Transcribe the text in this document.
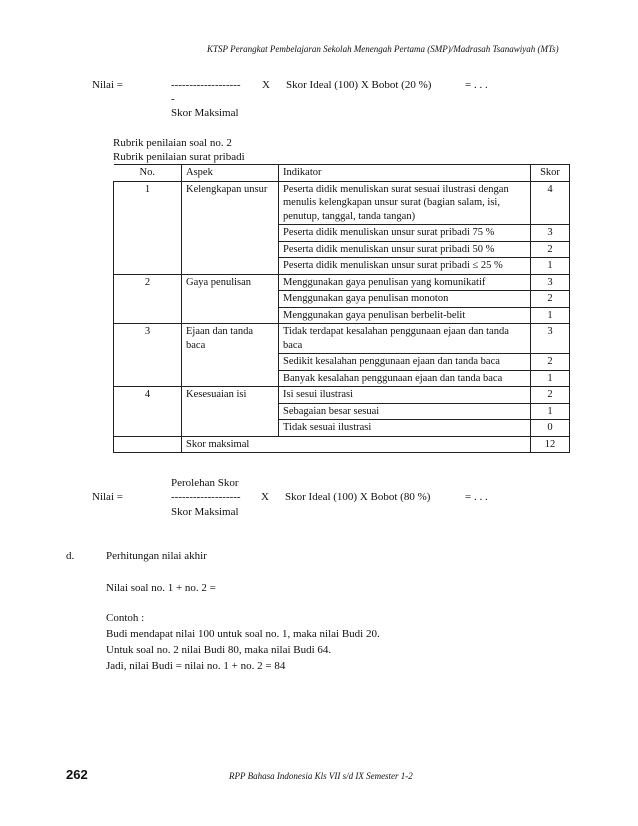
KTSP Perangkat Pembelajaran Sekolah Menengah Pertama (SMP)/Madrasah Tsanawiyah (MTs)
Nilai =	-------------------
-
X Skor Ideal (100) X Bobot (20 %)	= . . .
Skor Maksimal
Rubrik penilaian soal no. 2
Rubrik penilaian surat pribadi
No.	Aspek	Indikator	Skor
1	Kelengkapan unsur	Peserta didik menuliskan surat sesuai ilustrasi dengan menulis kelengkapan unsur surat (bagian salam, isi, penutup, tanggal, tanda tangan)	4
		Peserta didik menuliskan unsur surat pribadi 75 %	3
		Peserta didik menuliskan unsur surat pribadi 50 %	2
		Peserta didik menuliskan unsur surat pribadi ≤ 25 %	1
2	Gaya penulisan	Menggunakan gaya penulisan yang komunikatif	3
		Menggunakan gaya penulisan monoton	2
		Menggunakan gaya penulisan berbelit-belit	1
3	Ejaan dan tanda baca	Tidak terdapat kesalahan penggunaan ejaan dan tanda baca	3
		Sedikit kesalahan penggunaan ejaan dan tanda baca	2
		Banyak kesalahan penggunaan ejaan dan tanda baca	1
4	Kesesuaian isi	Isi sesui ilustrasi	2
		Sebagaian besar sesuai	1
		Tidak sesuai ilustrasi	0
	Skor maksimal		12
Perolehan Skor
Nilai =	------------------- X Skor Ideal (100) X Bobot (80 %)	= . . .
Skor Maksimal
d.	Perhitungan nilai akhir
Nilai soal no. 1 + no. 2 =
Contoh :
Budi mendapat nilai 100 untuk soal no. 1, maka nilai Budi 20.
Untuk soal no. 2 nilai Budi 80, maka nilai Budi 64.
Jadi, nilai Budi = nilai no. 1 + no. 2 = 84
262	RPP Bahasa Indonesia Kls VII s/d IX Semester 1-2
